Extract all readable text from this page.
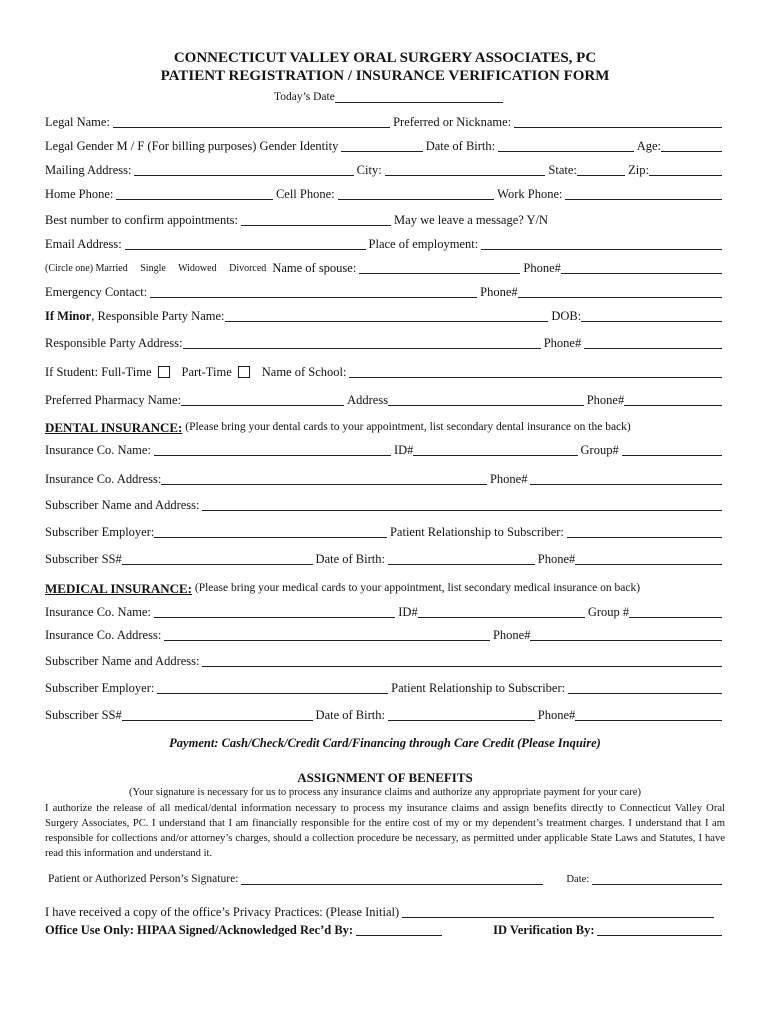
CONNECTICUT VALLEY ORAL SURGERY ASSOCIATES, PC
PATIENT REGISTRATION / INSURANCE VERIFICATION FORM
Today’s Date
Legal Name:	Preferred or Nickname:
Legal Gender M / F (For billing purposes) Gender Identity	Date of Birth:	Age:
Mailing Address:	City:	State:	Zip:
Home Phone:	Cell Phone:	Work Phone:
Best number to confirm appointments:	May we leave a message? Y/N
Email Address:	Place of employment:
(Circle one) Married     Single     Widowed     Divorced Name of spouse:	Phone#
Emergency Contact:	Phone#
If Minor , Responsible Party Name:	DOB:
Responsible Party Address:	Phone#
If Student: Full-Time Part-Time Name of School:
Preferred Pharmacy Name:	Address	Phone#
DENTAL INSURANCE: (Please bring your dental cards to your appointment, list secondary dental insurance on the back)
Insurance Co. Name:	ID#	Group#
Insurance Co. Address:	Phone#
Subscriber Name and Address:
Subscriber Employer:	Patient Relationship to Subscriber:
Subscriber SS#	Date of Birth:	Phone#
MEDICAL INSURANCE: (Please bring your medical cards to your appointment, list secondary medical insurance on back)
Insurance Co. Name:	ID#	Group #
Insurance Co. Address:	Phone#
Subscriber Name and Address:
Subscriber Employer:	Patient Relationship to Subscriber:
Subscriber SS#	Date of Birth:	Phone#
Payment: Cash/Check/Credit Card/Financing through Care Credit (Please Inquire)
ASSIGNMENT OF BENEFITS
(Your signature is necessary for us to process any insurance claims and authorize any appropriate payment for your care)
I authorize the release of all medical/dental information necessary to process my insurance claims and assign benefits directly to Connecticut Valley Oral Surgery Associates, PC. I understand that I am financially responsible for the entire cost of my or my dependent’s treatment charges. I understand that I am responsible for collections and/or attorney’s charges, should a collection procedure be necessary, as permitted under applicable State Laws and Statutes, I have read this information and understand it.
Patient or Authorized Person’s Signature:	Date:
I have received a copy of the office’s Privacy Practices: (Please Initial)
Office Use Only: HIPAA Signed/Acknowledged Rec’d By:	ID Verification By:
